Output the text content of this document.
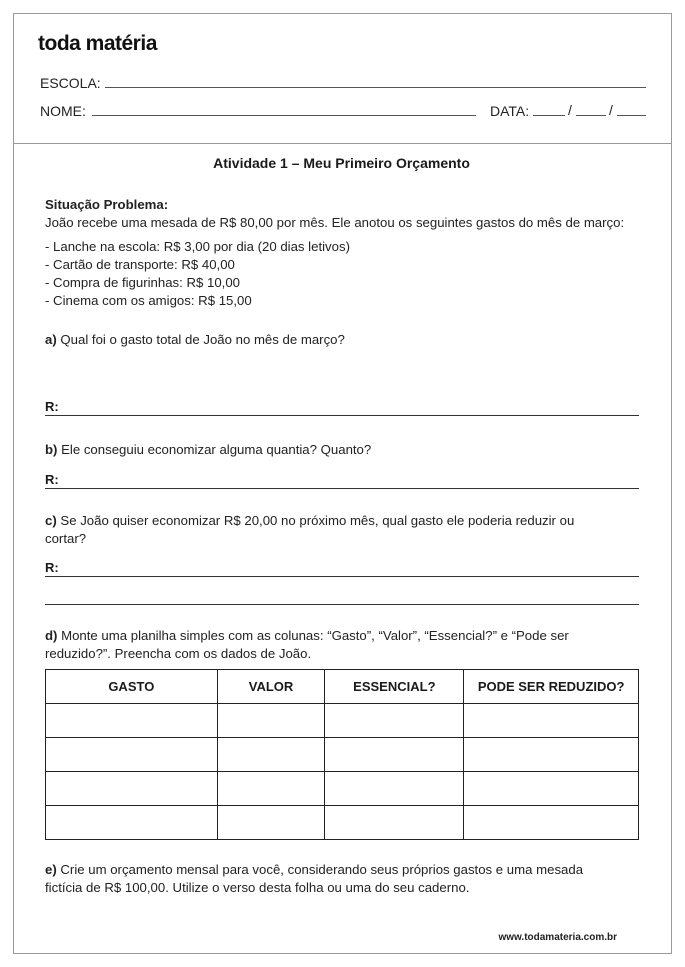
toda matéria
ESCOLA:
NOME:	DATA:	/	/
Atividade 1 – Meu Primeiro Orçamento
Situação Problema:
João recebe uma mesada de R$ 80,00 por mês. Ele anotou os seguintes gastos do mês de março:
- Lanche na escola: R$ 3,00 por dia (20 dias letivos)
- Cartão de transporte: R$ 40,00
- Compra de figurinhas: R$ 10,00
- Cinema com os amigos: R$ 15,00
a) Qual foi o gasto total de João no mês de março?
R:
b) Ele conseguiu economizar alguma quantia? Quanto?
R:
c) Se João quiser economizar R$ 20,00 no próximo mês, qual gasto ele poderia reduzir ou
cortar?
R:
d) Monte uma planilha simples com as colunas: “Gasto”, “Valor”, “Essencial?” e “Pode ser
reduzido?”. Preencha com os dados de João.
GASTO	VALOR	ESSENCIAL?	PODE SER REDUZIDO?

e) Crie um orçamento mensal para você, considerando seus próprios gastos e uma mesada
fictícia de R$ 100,00. Utilize o verso desta folha ou uma do seu caderno.
www.todamateria.com.br
